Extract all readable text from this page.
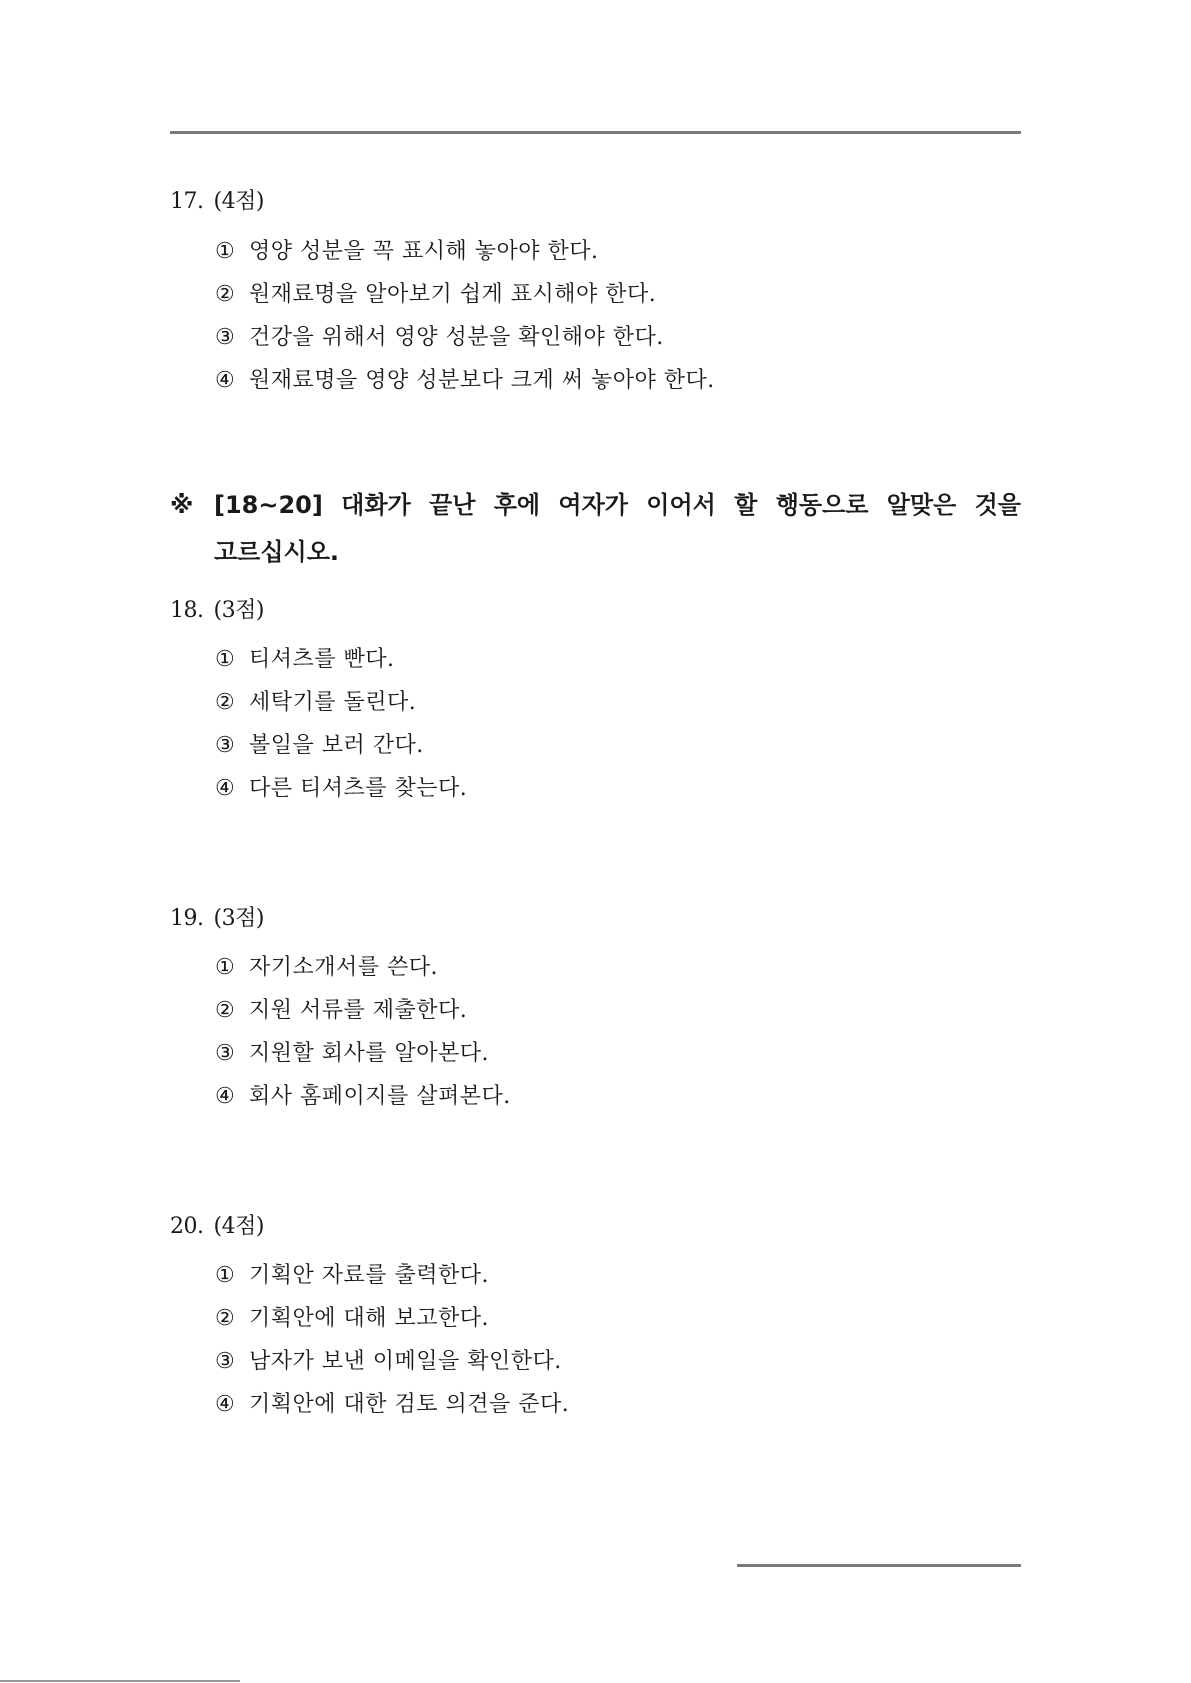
17. (4점)
① 영양 성분을 꼭 표시해 놓아야 한다.
② 원재료명을 알아보기 쉽게 표시해야 한다.
③ 건강을 위해서 영양 성분을 확인해야 한다.
④ 원재료명을 영양 성분보다 크게 써 놓아야 한다.
※ [18~20] 대화가 끝난 후에 여자가 이어서 할 행동으로 알맞은 것을
고르십시오.
18. (3점)
① 티셔츠를 빤다.
② 세탁기를 돌린다.
③ 볼일을 보러 간다.
④ 다른 티셔츠를 찾는다.
19. (3점)
① 자기소개서를 쓴다.
② 지원 서류를 제출한다.
③ 지원할 회사를 알아본다.
④ 회사 홈페이지를 살펴본다.
20. (4점)
① 기획안 자료를 출력한다.
② 기획안에 대해 보고한다.
③ 남자가 보낸 이메일을 확인한다.
④ 기획안에 대한 검토 의견을 준다.
